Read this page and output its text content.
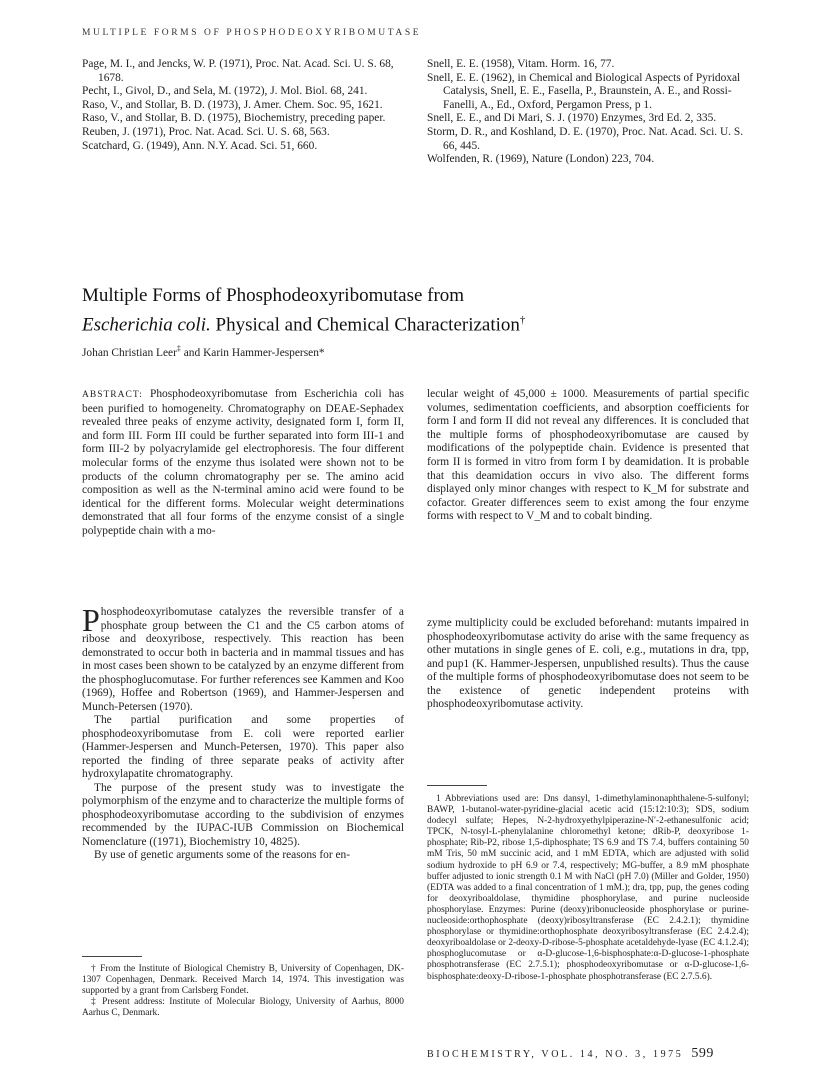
MULTIPLE FORMS OF PHOSPHODEOXYRIBOMUTASE

Page, M. I., and Jencks, W. P. (1971), Proc. Nat. Acad. Sci. U. S. 68, 1678.

Pecht, I., Givol, D., and Sela, M. (1972), J. Mol. Biol. 68, 241.

Raso, V., and Stollar, B. D. (1973), J. Amer. Chem. Soc. 95, 1621.

Raso, V., and Stollar, B. D. (1975), Biochemistry, preceding paper.

Reuben, J. (1971), Proc. Nat. Acad. Sci. U. S. 68, 563.

Scatchard, G. (1949), Ann. N.Y. Acad. Sci. 51, 660.

Snell, E. E. (1958), Vitam. Horm. 16, 77.

Snell, E. E. (1962), in Chemical and Biological Aspects of Pyridoxal Catalysis, Snell, E. E., Fasella, P., Braunstein, A. E., and Rossi-Fanelli, A., Ed., Oxford, Pergamon Press, p 1.

Snell, E. E., and Di Mari, S. J. (1970) Enzymes, 3rd Ed. 2, 335.

Storm, D. R., and Koshland, D. E. (1970), Proc. Nat. Acad. Sci. U. S. 66, 445.

Wolfenden, R. (1969), Nature (London) 223, 704.

Multiple Forms of Phosphodeoxyribomutase from
Escherichia coli. Physical and Chemical Characterization†
Johan Christian Leer‡ and Karin Hammer-Jespersen*

ABSTRACT: Phosphodeoxyribomutase from Escherichia coli has been purified to homogeneity. Chromatography on DEAE-Sephadex revealed three peaks of enzyme activity, designated form I, form II, and form III. Form III could be further separated into form III-1 and form III-2 by polyacrylamide gel electrophoresis. The four different molecular forms of the enzyme thus isolated were shown not to be products of the column chromatography per se. The amino acid composition as well as the N-terminal amino acid were found to be identical for the different forms. Molecular weight determinations demonstrated that all four forms of the enzyme consist of a single polypeptide chain with a mo-

lecular weight of 45,000 ± 1000. Measurements of partial specific volumes, sedimentation coefficients, and absorption coefficients for form I and form II did not reveal any differences. It is concluded that the multiple forms of phosphodeoxyribomutase are caused by modifications of the polypeptide chain. Evidence is presented that form II is formed in vitro from form I by deamidation. It is probable that this deamidation occurs in vivo also. The different forms displayed only minor changes with respect to K_M for substrate and cofactor. Greater differences seem to exist among the four enzyme forms with respect to V_M and to cobalt binding.

Phosphodeoxyribomutase catalyzes the reversible transfer of a phosphate group between the C1 and the C5 carbon atoms of ribose and deoxyribose, respectively. This reaction has been demonstrated to occur both in bacteria and in mammal tissues and has in most cases been shown to be catalyzed by an enzyme different from the phosphoglucomutase. For further references see Kammen and Koo (1969), Hoffee and Robertson (1969), and Hammer-Jespersen and Munch-Petersen (1970).

The partial purification and some properties of phosphodeoxyribomutase from E. coli were reported earlier (Hammer-Jespersen and Munch-Petersen, 1970). This paper also reported the finding of three separate peaks of activity after hydroxylapatite chromatography.

The purpose of the present study was to investigate the polymorphism of the enzyme and to characterize the multiple forms of phosphodeoxyribomutase according to the subdivision of enzymes recommended by the IUPAC-IUB Commission on Biochemical Nomenclature ((1971), Biochemistry 10, 4825).

By use of genetic arguments some of the reasons for en-

zyme multiplicity could be excluded beforehand: mutants impaired in phosphodeoxyribomutase activity do arise with the same frequency as other mutations in single genes of E. coli, e.g., mutations in dra, tpp, and pup1 (K. Hammer-Jespersen, unpublished results). Thus the cause of the multiple forms of phosphodeoxyribomutase does not seem to be the existence of genetic independent proteins with phosphodeoxyribomutase activity.

1 Abbreviations used are: Dns dansyl, 1-dimethylaminonaphthalene-5-sulfonyl; BAWP, 1-butanol-water-pyridine-glacial acetic acid (15:12:10:3); SDS, sodium dodecyl sulfate; Hepes, N-2-hydroxyethylpiperazine-N′-2-ethanesulfonic acid; TPCK, N-tosyl-L-phenylalanine chloromethyl ketone; dRib-P, deoxyribose 1-phosphate; Rib-P2, ribose 1,5-diphosphate; TS 6.9 and TS 7.4, buffers containing 50 mM Tris, 50 mM succinic acid, and 1 mM EDTA, which are adjusted with solid sodium hydroxide to pH 6.9 or 7.4, respectively; MG-buffer, a 8.9 mM phosphate buffer adjusted to ionic strength 0.1 M with NaCl (pH 7.0) (Miller and Golder, 1950) (EDTA was added to a final concentration of 1 mM.); dra, tpp, pup, the genes coding for deoxyriboaldolase, thymidine phosphorylase, and purine nucleoside phosphorylase. Enzymes: Purine (deoxy)ribonucleoside phosphorylase or purine-nucleoside:orthophosphate (deoxy)ribosyltransferase (EC 2.4.2.1); thymidine phosphorylase or thymidine:orthophosphate deoxyribosyltransferase (EC 2.4.2.4); deoxyriboaldolase or 2-deoxy-D-ribose-5-phosphate acetaldehyde-lyase (EC 4.1.2.4); phosphoglucomutase or α-D-glucose-1,6-bisphosphate:α-D-glucose-1-phosphate phosphotransferase (EC 2.7.5.1); phosphodeoxyribomutase or α-D-glucose-1,6-bisphosphate:deoxy-D-ribose-1-phosphate phosphotransferase (EC 2.7.5.6).

† From the Institute of Biological Chemistry B, University of Copenhagen, DK-1307 Copenhagen, Denmark. Received March 14, 1974. This investigation was supported by a grant from Carlsberg Fondet.

‡ Present address: Institute of Molecular Biology, University of Aarhus, 8000 Aarhus C, Denmark.

BIOCHEMISTRY, VOL. 14, NO. 3, 1975 599
